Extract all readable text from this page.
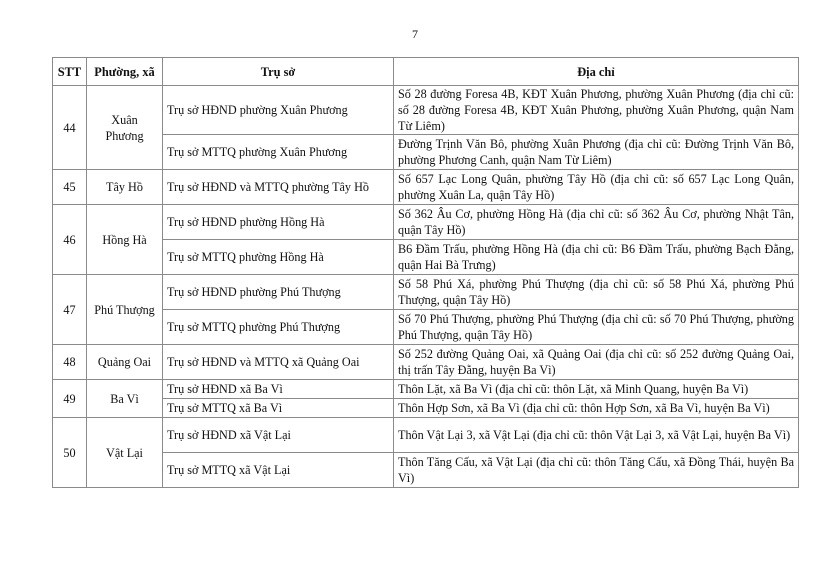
7
STT	Phường, xã	Trụ sở	Địa chỉ
44	Xuân Phương	Trụ sở HĐND phường Xuân Phương	Số 28 đường Foresa 4B, KĐT Xuân Phương, phường Xuân Phương (địa chỉ cũ: số 28 đường Foresa 4B, KĐT Xuân Phương, phường Xuân Phương, quận Nam Từ Liêm)
		Trụ sở MTTQ phường Xuân Phương	Đường Trịnh Văn Bô, phường Xuân Phương (địa chỉ cũ: Đường Trịnh Văn Bô, phường Phương Canh, quận Nam Từ Liêm)
45	Tây Hồ	Trụ sở HĐND và MTTQ phường Tây Hồ	Số 657 Lạc Long Quân, phường Tây Hồ (địa chỉ cũ: số 657 Lạc Long Quân, phường Xuân La, quận Tây Hồ)
46	Hồng Hà	Trụ sở HĐND phường Hồng Hà	Số 362 Âu Cơ, phường Hồng Hà (địa chỉ cũ: số 362 Âu Cơ, phường Nhật Tân, quận Tây Hồ)
		Trụ sở MTTQ phường Hồng Hà	B6 Đầm Trấu, phường Hồng Hà (địa chỉ cũ: B6 Đầm Trấu, phường Bạch Đằng, quận Hai Bà Trưng)
47	Phú Thượng	Trụ sở HĐND phường Phú Thượng	Số 58 Phú Xá, phường Phú Thượng (địa chỉ cũ: số 58 Phú Xá, phường Phú Thượng, quận Tây Hồ)
		Trụ sở MTTQ phường Phú Thượng	Số 70 Phú Thượng, phường Phú Thượng (địa chỉ cũ: số 70 Phú Thượng, phường Phú Thượng, quận Tây Hồ)
48	Quảng Oai	Trụ sở HĐND và MTTQ xã Quảng Oai	Số 252 đường Quảng Oai, xã Quảng Oai (địa chỉ cũ: số 252 đường Quảng Oai, thị trấn Tây Đằng, huyện Ba Vì)
49	Ba Vì	Trụ sở HĐND xã Ba Vì	Thôn Lặt, xã Ba Vì (địa chỉ cũ: thôn Lặt, xã Minh Quang, huyện Ba Vì)
		Trụ sở MTTQ xã Ba Vì	Thôn Hợp Sơn, xã Ba Vì (địa chỉ cũ: thôn Hợp Sơn, xã Ba Vì, huyện Ba Vì)
50	Vật Lại	Trụ sở HĐND xã Vật Lại	Thôn Vật Lại 3, xã Vật Lại (địa chỉ cũ: thôn Vật Lại 3, xã Vật Lại, huyện Ba Vì)
		Trụ sở MTTQ xã Vật Lại	Thôn Tăng Cấu, xã Vật Lại (địa chỉ cũ: thôn Tăng Cấu, xã Đồng Thái, huyện Ba Vì)
